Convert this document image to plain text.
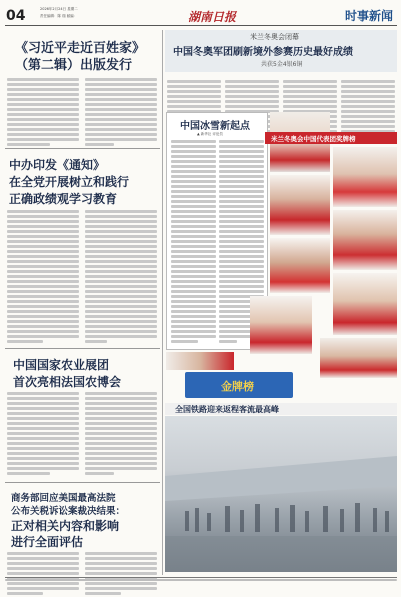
04	2026年2月24日 星期二
责任编辑：陈 瑞 邮编：	湖南日报	时事新闻
《习近平走近百姓家》
（第二辑）出版发行
中办印发《通知》
在全党开展树立和践行
正确政绩观学习教育
中国国家农业展团
首次亮相法国农博会
商务部回应美国最高法院
公布关税诉讼案裁决结果：
正对相关内容和影响
进行全面评估
米兰冬奥会闭幕
中国冬奥军团刷新境外参赛历史最好成绩
共获5金4银6铜
中国冰雪新起点
▲ 新华社 评论员
米兰冬奥会中国代表团奖牌榜
金牌榜
全国铁路迎来返程客流最高峰
